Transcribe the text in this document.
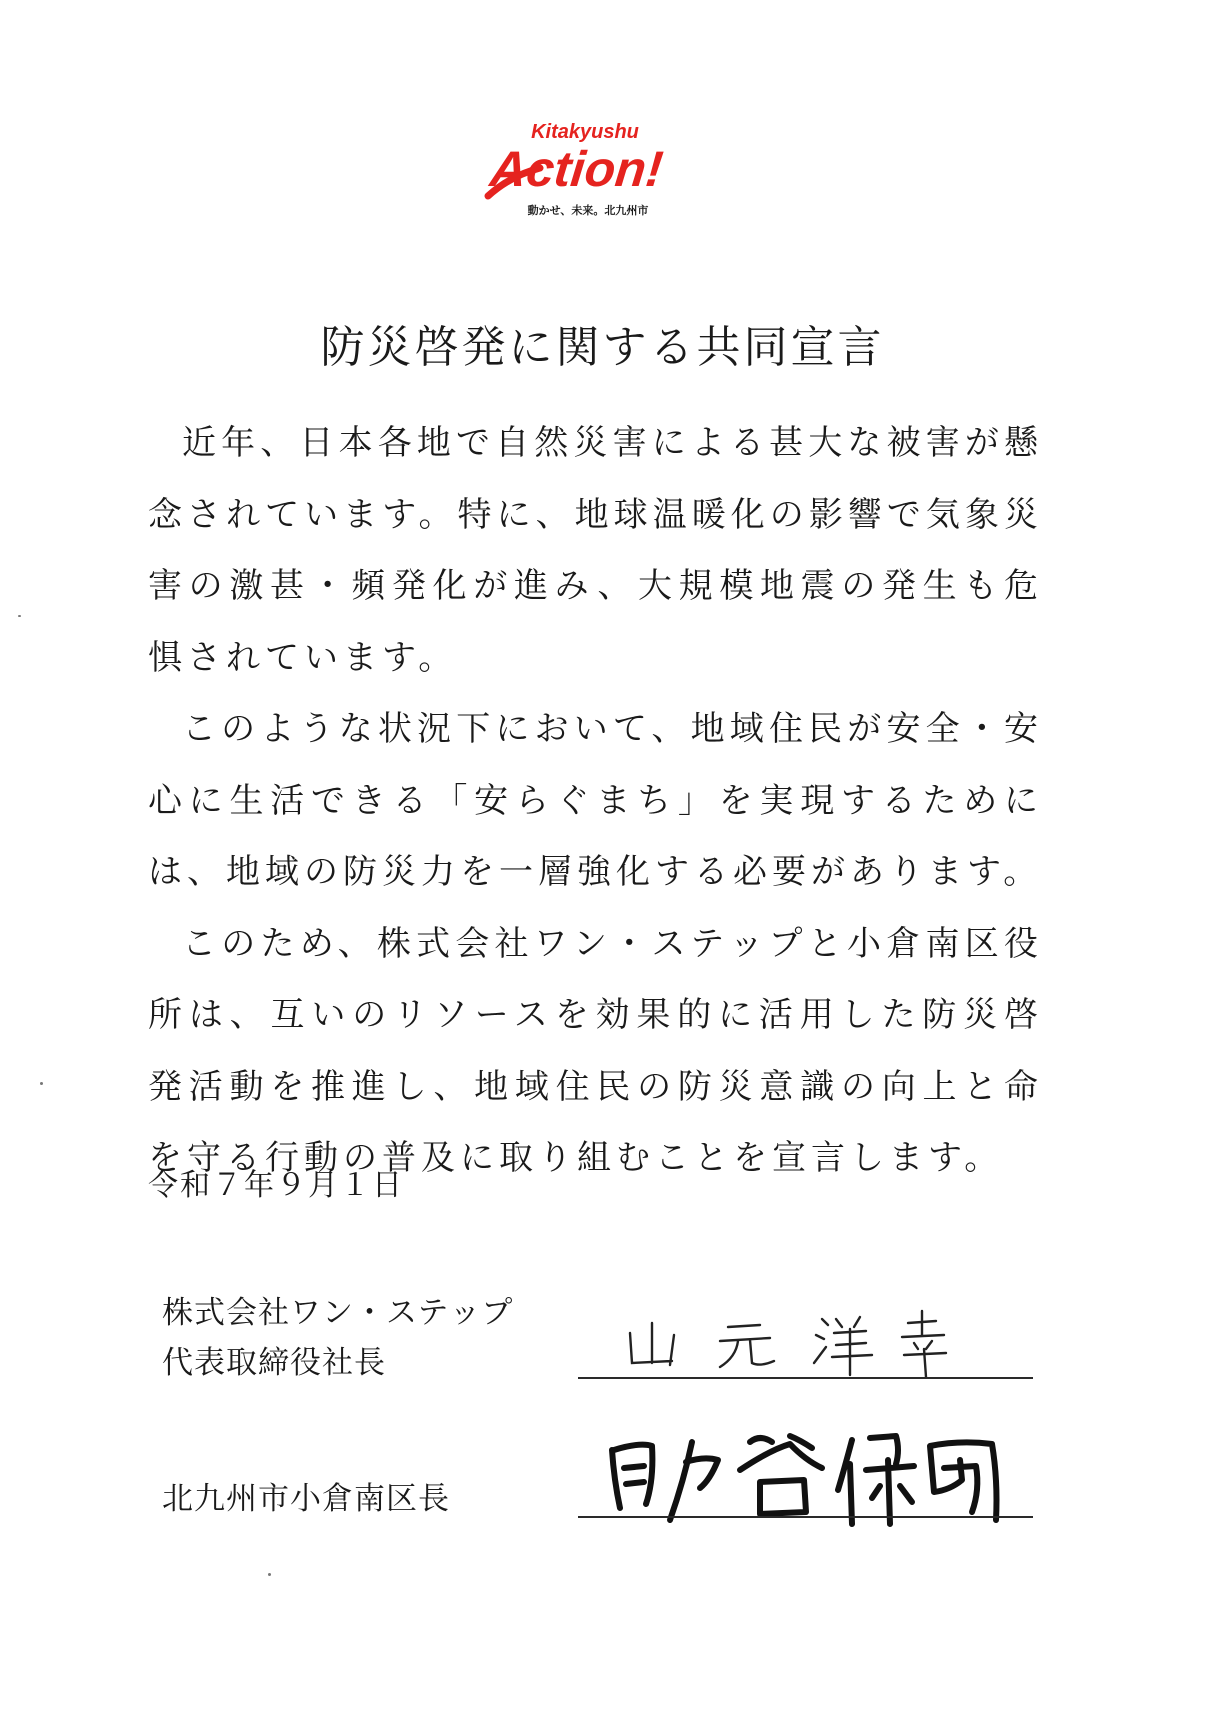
Kitakyushu
Action!
動かせ、未来。北九州市
防災啓発に関する共同宣言

近年、日本各地で自然災害による甚大な被害が懸念されています。特に、地球温暖化の影響で気象災害の激甚・頻発化が進み、大規模地震の発生も危惧されています。

このような状況下において、地域住民が安全・安心に生活できる「安らぐまち」を実現するためには、地域の防災力を一層強化する必要があります。

このため、株式会社ワン・ステップと小倉南区役所は、互いのリソースを効果的に活用した防災啓発活動を推進し、地域住民の防災意識の向上と命を守る行動の普及に取り組むことを宣言します。

令和７年９月１日
株式会社ワン・ステップ
代表取締役社長
北九州市小倉南区長
